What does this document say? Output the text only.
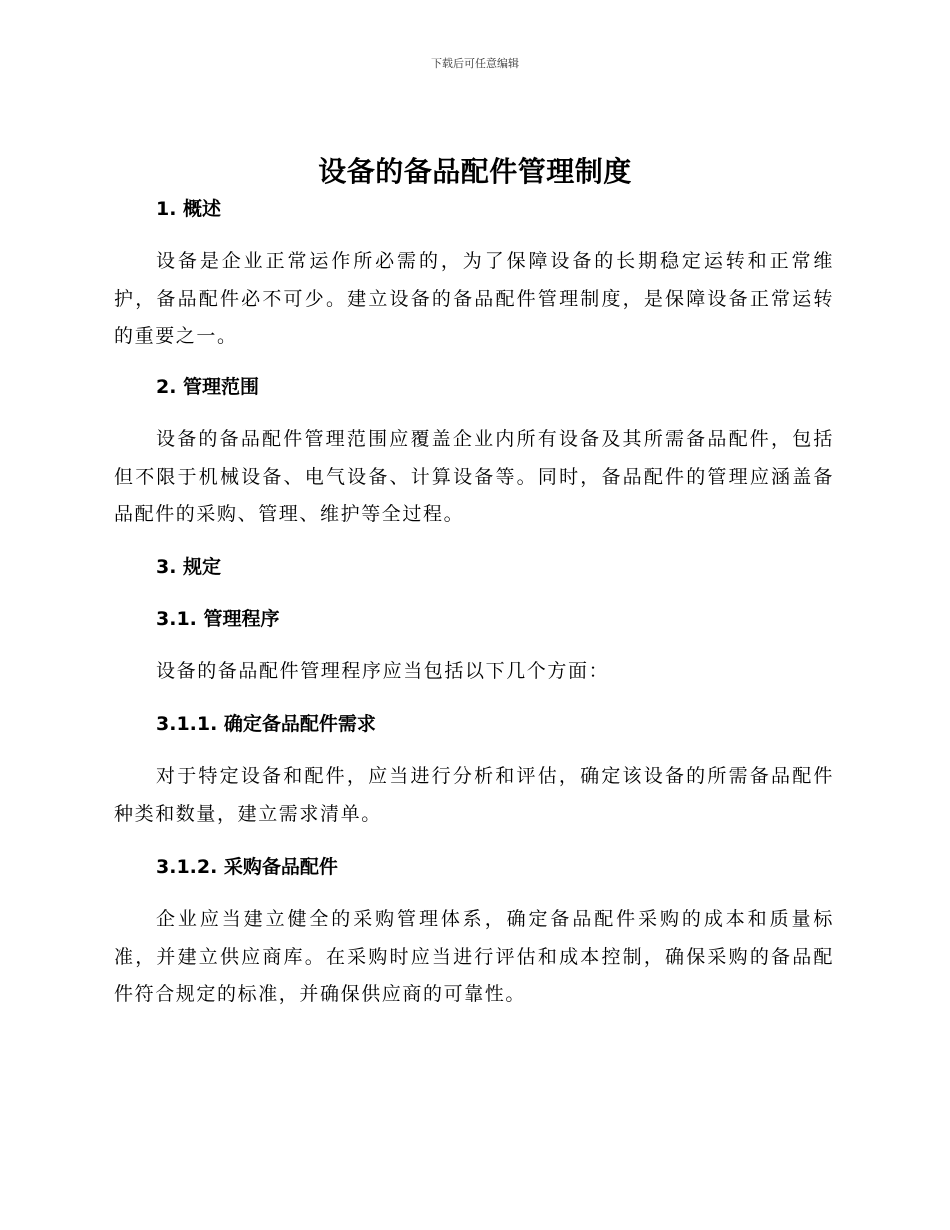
下载后可任意编辑
设备的备品配件管理制度
1. 概述
设备是企业正常运作所必需的，为了保障设备的长期稳定运转和正常维护，备品配件必不可少。建立设备的备品配件管理制度，是保障设备正常运转的重要之一。
2. 管理范围
设备的备品配件管理范围应覆盖企业内所有设备及其所需备品配件，包括但不限于机械设备、电气设备、计算设备等。同时，备品配件的管理应涵盖备品配件的采购、管理、维护等全过程。
3. 规定
3.1. 管理程序
设备的备品配件管理程序应当包括以下几个方面：
3.1.1. 确定备品配件需求
对于特定设备和配件，应当进行分析和评估，确定该设备的所需备品配件种类和数量，建立需求清单。
3.1.2. 采购备品配件
企业应当建立健全的采购管理体系，确定备品配件采购的成本和质量标准，并建立供应商库。在采购时应当进行评估和成本控制，确保采购的备品配件符合规定的标准，并确保供应商的可靠性。
